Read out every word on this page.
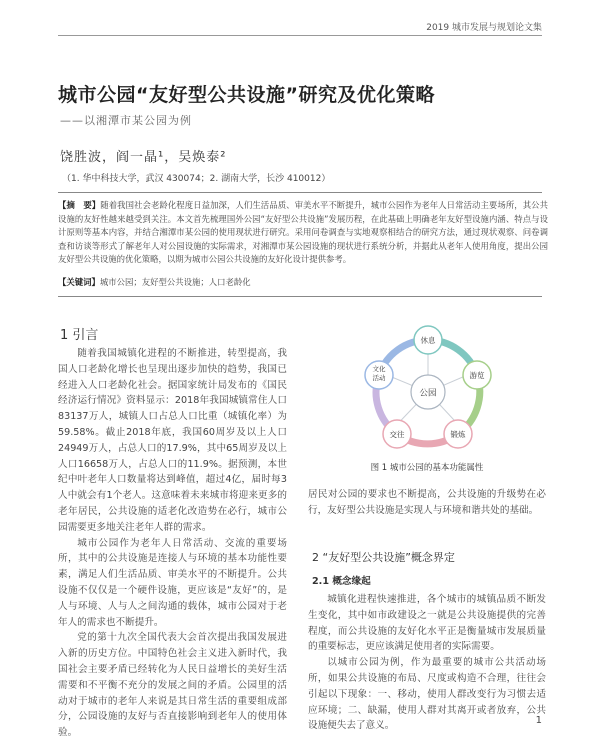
2019 城市发展与规划论文集
城市公园“友好型公共设施”研究及优化策略
——以湘潭市某公园为例
饶胜波，阎一晶¹，吴焕泰²
（1. 华中科技大学，武汉 430074；2. 湖南大学，长沙 410012）
【摘　要】随着我国社会老龄化程度日益加深，人们生活品质、审美水平不断提升，城市公园作为老年人日常活动主要场所，其公共设施的友好性越来越受到关注。本文首先梳理国外公园“友好型公共设施”发展历程，在此基础上明确老年友好型设施内涵、特点与设计原则等基本内容，并结合湘潭市某公园的使用现状进行研究。采用问卷调查与实地观察相结合的研究方法，通过现状观察、问卷调查和访谈等形式了解老年人对公园设施的实际需求，对湘潭市某公园设施的现状进行系统分析，并据此从老年人使用角度，提出公园友好型公共设施的优化策略，以期为城市公园公共设施的友好化设计提供参考。
【关键词】城市公园；友好型公共设施；人口老龄化
1 引言

随着我国城镇化进程的不断推进，转型提高，我国人口老龄化增长也呈现出逐步加快的趋势，我国已经进入人口老龄化社会。据国家统计局发布的《国民经济运行情况》资料显示：2018年我国城镇常住人口83137万人，城镇人口占总人口比重（城镇化率）为59.58%。截止2018年底，我国60周岁及以上人口24949万人，占总人口的17.9%，其中65周岁及以上人口16658万人，占总人口的11.9%。据预测，本世纪中叶老年人口数量将达到峰值，超过4亿，届时每3人中就会有1个老人。这意味着未来城市将迎来更多的老年居民，公共设施的适老化改造势在必行，城市公园需要更多地关注老年人群的需求。

城市公园作为老年人日常活动、交流的重要场所，其中的公共设施是连接人与环境的基本功能性要素，满足人们生活品质、审美水平的不断提升。公共设施不仅仅是一个硬件设施，更应该是“友好”的，是人与环境、人与人之间沟通的载体，城市公园对于老年人的需求也不断提升。

党的第十九次全国代表大会首次提出我国发展进入新的历史方位。中国特色社会主义进入新时代，我国社会主要矛盾已经转化为人民日益增长的美好生活需要和不平衡不充分的发展之间的矛盾。公园里的活动对于城市的老年人来说是其日常生活的重要组成部分，公园设施的友好与否直接影响到老年人的使用体验。

公园
休息
游览
锻炼
交往
文化
活动
图 1 城市公园的基本功能属性

居民对公园的要求也不断提高，公共设施的升级势在必行，友好型公共设施是实现人与环境和谐共处的基础。

2 “友好型公共设施”概念界定
2.1 概念缘起

城镇化进程快速推进，各个城市的城镇品质不断发生变化，其中如市政建设之一就是公共设施提供的完善程度，而公共设施的友好化水平正是衡量城市发展质量的重要标志，更应该满足使用者的实际需要。

以城市公园为例，作为最重要的城市公共活动场所，如果公共设施的布局、尺度或构造不合理，往往会引起以下现象：一、移动，使用人群改变行为习惯去适应环境；二、缺漏，使用人群对其离开或者放弃，公共设施便失去了意义。	1
